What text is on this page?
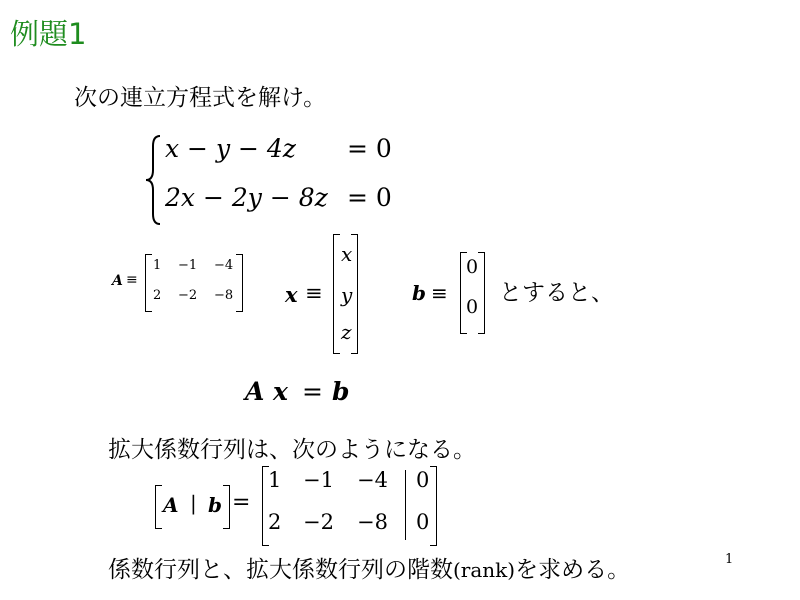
例題1
次の連立方程式を解け。
x − y − 4z = 0
2x − 2y − 8z = 0
A ≡
1 −1 −4
2 −2 −8 x ≡
x
y
z
b ≡
0
0
とすると、
A x = b
拡大係数行列は、次のようになる。
A | b =
1 −1 −4 0
2 −2 −8 0
係数行列と、拡大係数行列の階数(rank)を求める。	1
